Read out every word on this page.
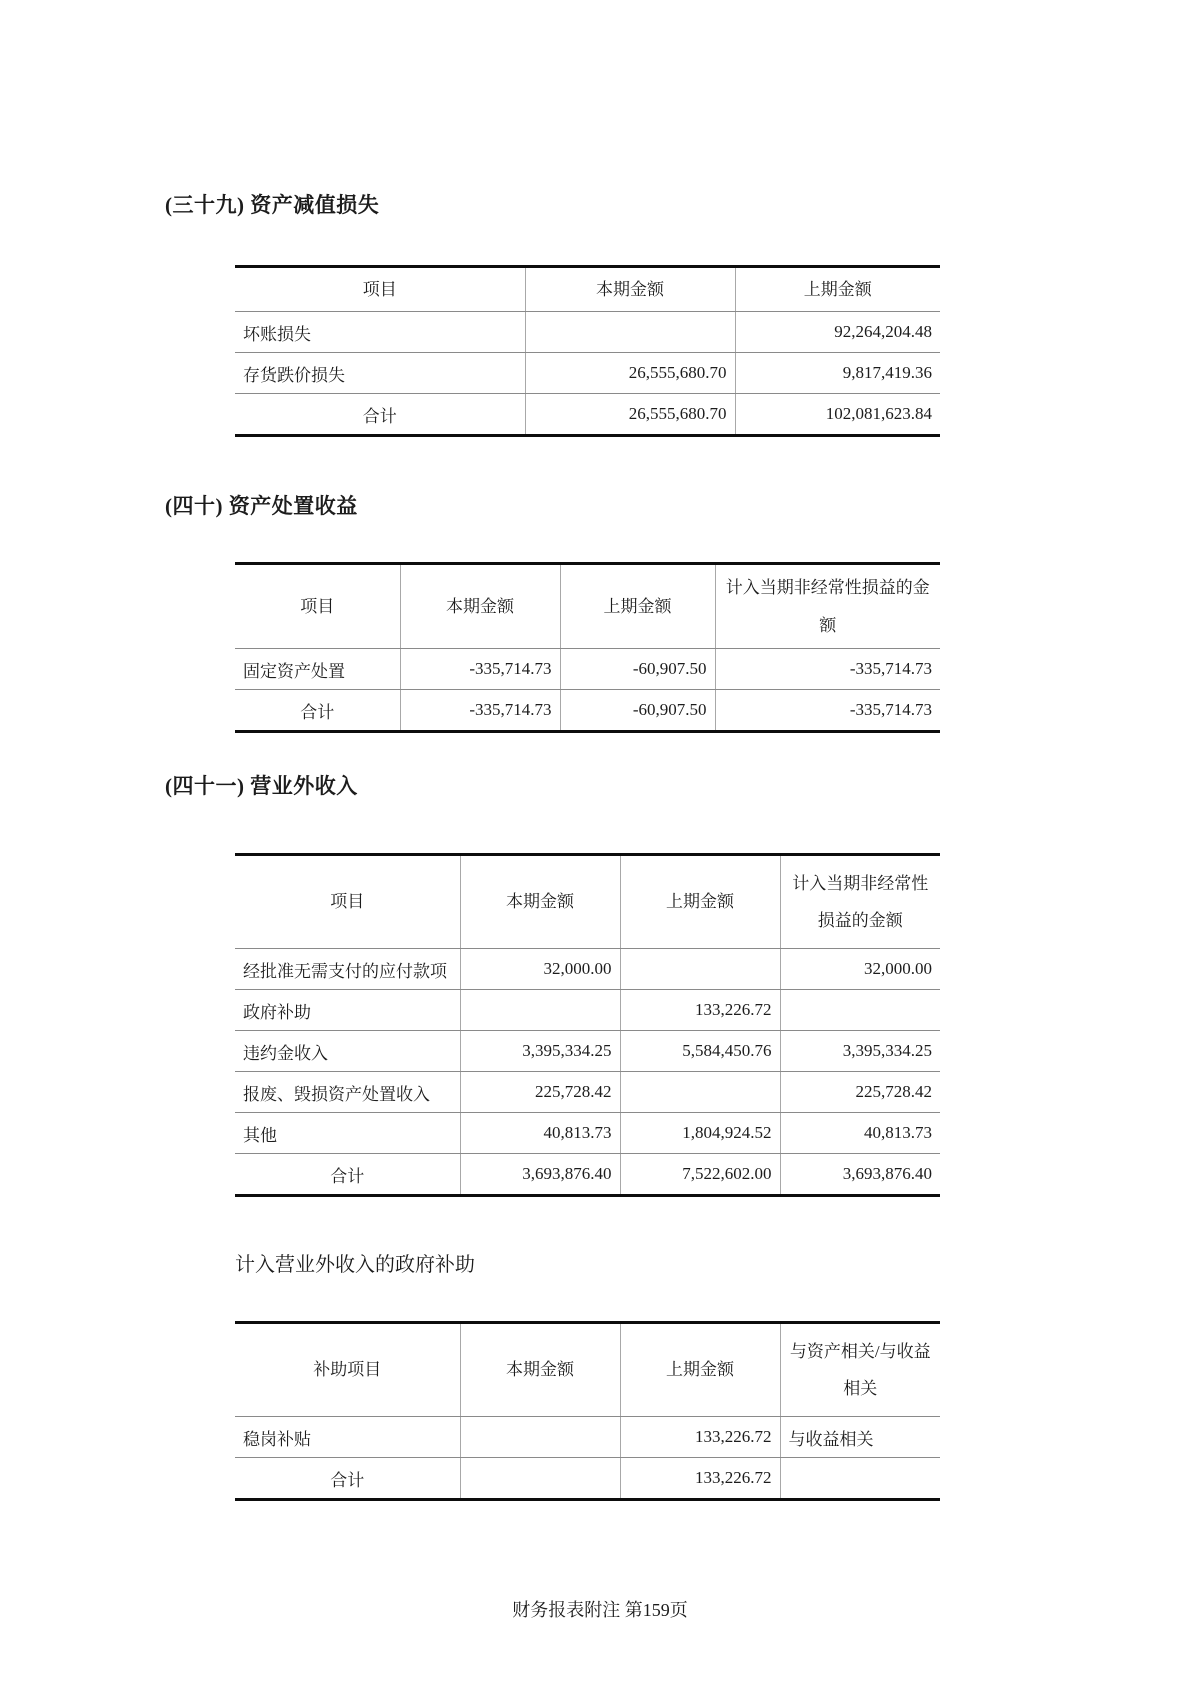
(三十九) 资产减值损失
项目	本期金额	上期金额
坏账损失		92,264,204.48
存货跌价损失	26,555,680.70	9,817,419.36
合计	26,555,680.70	102,081,623.84
(四十) 资产处置收益
项目	本期金额	上期金额	计入当期非经常性损益的金额
固定资产处置	-335,714.73	-60,907.50	-335,714.73
合计	-335,714.73	-60,907.50	-335,714.73
(四十一) 营业外收入
项目	本期金额	上期金额	计入当期非经常性损益的金额
经批准无需支付的应付款项	32,000.00		32,000.00
政府补助		133,226.72	
违约金收入	3,395,334.25	5,584,450.76	3,395,334.25
报废、毁损资产处置收入	225,728.42		225,728.42
其他	40,813.73	1,804,924.52	40,813.73
合计	3,693,876.40	7,522,602.00	3,693,876.40
计入营业外收入的政府补助
补助项目	本期金额	上期金额	与资产相关/与收益相关
稳岗补贴		133,226.72	与收益相关
合计		133,226.72	
财务报表附注 第159页
